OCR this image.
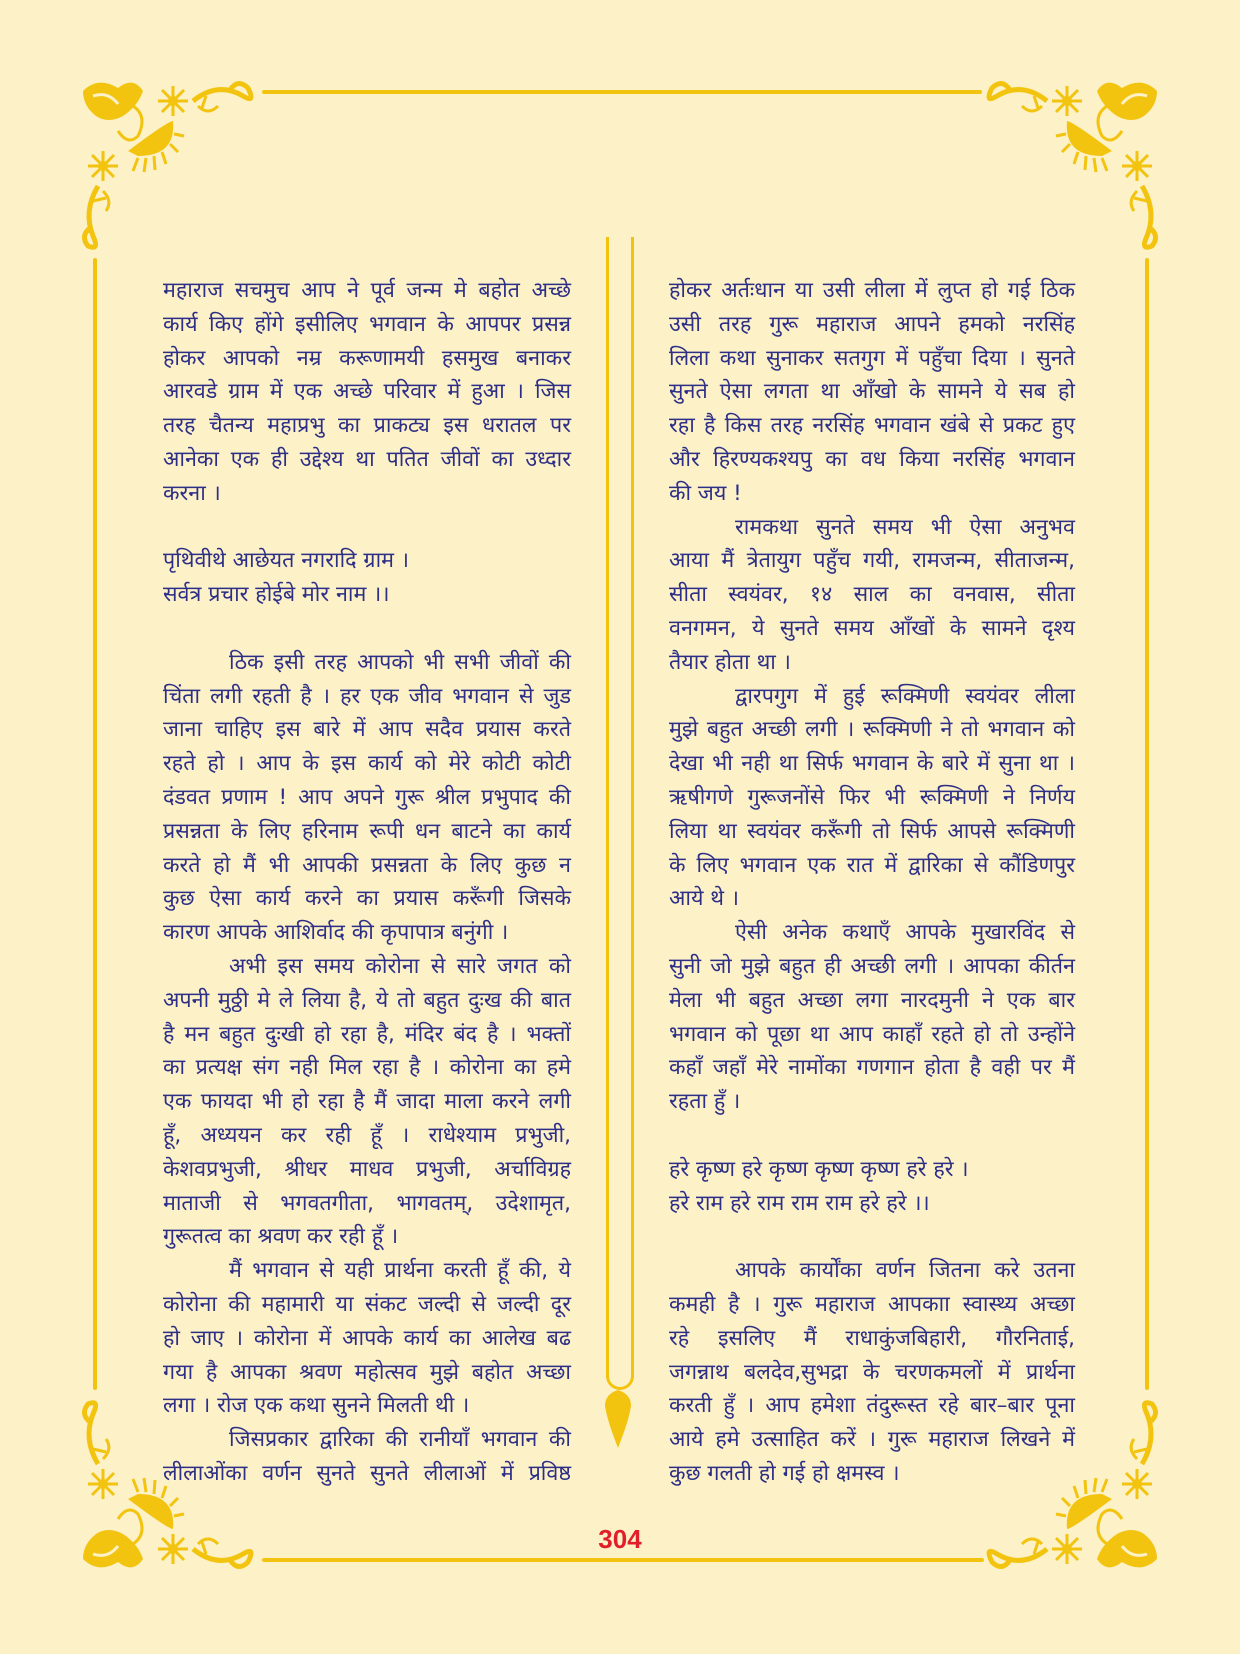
महाराज सचमुच आप ने पूर्व जन्म मे बहोत अच्छे
कार्य किए होंगे इसीलिए भगवान के आपपर प्रसन्न
होकर आपको नम्र करूणामयी हसमुख बनाकर
आरवडे ग्राम में एक अच्छे परिवार में हुआ । जिस
तरह चैतन्य महाप्रभु का प्राकट्य इस धरातल पर
आनेका एक ही उद्देश्य था पतित जीवों का उध्दार
करना ।
पृथिवीथे आछेयत नगरादि ग्राम ।
सर्वत्र प्रचार होईबे मोर नाम ।।
ठिक इसी तरह आपको भी सभी जीवों की
चिंता लगी रहती है । हर एक जीव भगवान से जुड
जाना चाहिए इस बारे में आप सदैव प्रयास करते
रहते हो । आप के इस कार्य को मेरे कोटी कोटी
दंडवत प्रणाम ! आप अपने गुरू श्रील प्रभुपाद की
प्रसन्नता के लिए हरिनाम रूपी धन बाटने का कार्य
करते हो मैं भी आपकी प्रसन्नता के लिए कुछ न
कुछ ऐसा कार्य करने का प्रयास करूँगी जिसके
कारण आपके आशिर्वाद की कृपापात्र बनुंगी ।
अभी इस समय कोरोना से सारे जगत को
अपनी मुठ्ठी मे ले लिया है, ये तो बहुत दुःख की बात
है मन बहुत दुःखी हो रहा है, मंदिर बंद है । भक्तों
का प्रत्यक्ष संग नही मिल रहा है । कोरोना का हमे
एक फायदा भी हो रहा है मैं जादा माला करने लगी
हूँ, अध्ययन कर रही हूँ । राधेश्याम प्रभुजी,
केशवप्रभुजी, श्रीधर माधव प्रभुजी, अर्चाविग्रह
माताजी से भगवतगीता, भागवतम्, उदेशामृत,
गुरूतत्व का श्रवण कर रही हूँ ।
मैं भगवान से यही प्रार्थना करती हूँ की, ये
कोरोना की महामारी या संकट जल्दी से जल्दी दूर
हो जाए । कोरोना में आपके कार्य का आलेख बढ
गया है आपका श्रवण महोत्सव मुझे बहोत अच्छा
लगा । रोज एक कथा सुनने मिलती थी ।
जिसप्रकार द्वारिका की रानीयाँ भगवान की
लीलाओंका वर्णन सुनते सुनते लीलाओं में प्रविष्ठ
होकर अर्तःधान या उसी लीला में लुप्त हो गई ठिक
उसी तरह गुरू महाराज आपने हमको नरसिंह
लिला कथा सुनाकर सतगुग में पहुँचा दिया । सुनते
सुनते ऐसा लगता था आँखो के सामने ये सब हो
रहा है किस तरह नरसिंह भगवान खंबे से प्रकट हुए
और हिरण्यकश्यपु का वध किया नरसिंह भगवान
की जय !
रामकथा सुनते समय भी ऐसा अनुभव
आया मैं त्रेतायुग पहुँच गयी, रामजन्म, सीताजन्म,
सीता स्वयंवर, १४ साल का वनवास, सीता
वनगमन, ये सुनते समय आँखों के सामने दृश्य
तैयार होता था ।
द्वारपगुग में हुई रूक्मिणी स्वयंवर लीला
मुझे बहुत अच्छी लगी । रूक्मिणी ने तो भगवान को
देखा भी नही था सिर्फ भगवान के बारे में सुना था ।
ऋषीगणे गुरूजनोंसे फिर भी रूक्मिणी ने निर्णय
लिया था स्वयंवर करूँगी तो सिर्फ आपसे रूक्मिणी
के लिए भगवान एक रात में द्वारिका से कौंडिणपुर
आये थे ।
ऐसी अनेक कथाएँ आपके मुखारविंद से
सुनी जो मुझे बहुत ही अच्छी लगी । आपका कीर्तन
मेला भी बहुत अच्छा लगा नारदमुनी ने एक बार
भगवान को पूछा था आप काहाँ रहते हो तो उन्होंने
कहाँ जहाँ मेरे नामोंका गणगान होता है वही पर मैं
रहता हुँ ।
हरे कृष्ण हरे कृष्ण कृष्ण कृष्ण हरे हरे ।
हरे राम हरे राम राम राम हरे हरे ।।
आपके कार्योंका वर्णन जितना करे उतना
कमही है । गुरू महाराज आपकाा स्वास्थ्य अच्छा
रहे इसलिए मैं राधाकुंजबिहारी, गौरनिताई,
जगन्नाथ बलदेव,सुभद्रा के चरणकमलों में प्रार्थना
करती हुँ । आप हमेशा तंदुरूस्त रहे बार–बार पूना
आये हमे उत्साहित करें । गुरू महाराज लिखने में
कुछ गलती हो गई हो क्षमस्व ।
304
